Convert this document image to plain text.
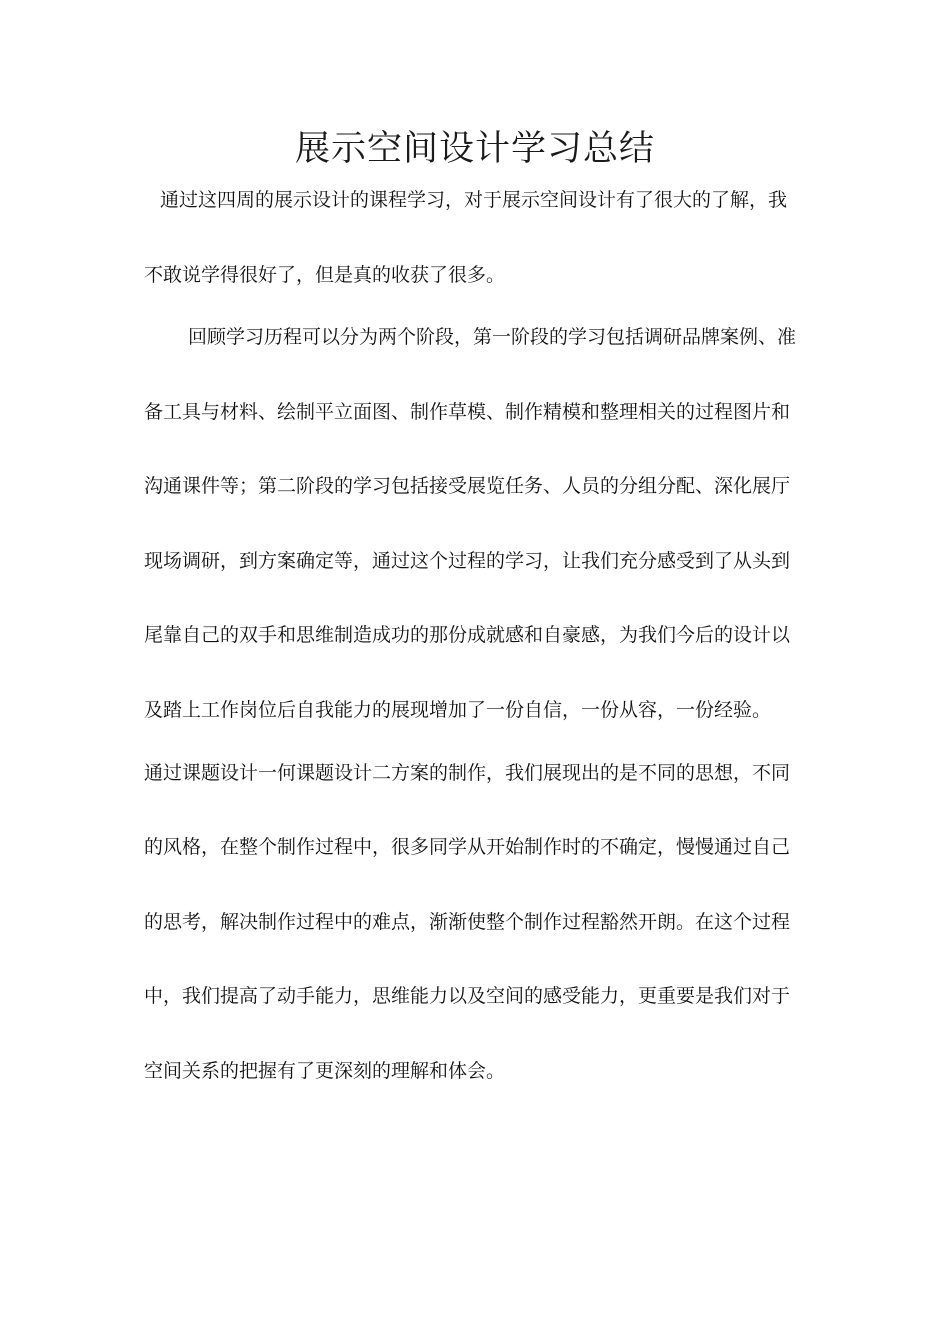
展示空间设计学习总结
通过这四周的展示设计的课程学习，对于展示空间设计有了很大的了解，我
不敢说学得很好了，但是真的收获了很多。
回顾学习历程可以分为两个阶段，第一阶段的学习包括调研品牌案例、准
备工具与材料、绘制平立面图、制作草模、制作精模和整理相关的过程图片和
沟通课件等；第二阶段的学习包括接受展览任务、人员的分组分配、深化展厅
现场调研，到方案确定等，通过这个过程的学习，让我们充分感受到了从头到
尾靠自己的双手和思维制造成功的那份成就感和自豪感，为我们今后的设计以
及踏上工作岗位后自我能力的展现增加了一份自信，一份从容，一份经验。
通过课题设计一何课题设计二方案的制作，我们展现出的是不同的思想，不同
的风格，在整个制作过程中，很多同学从开始制作时的不确定，慢慢通过自己
的思考，解决制作过程中的难点，渐渐使整个制作过程豁然开朗。在这个过程
中，我们提高了动手能力，思维能力以及空间的感受能力，更重要是我们对于
空间关系的把握有了更深刻的理解和体会。
